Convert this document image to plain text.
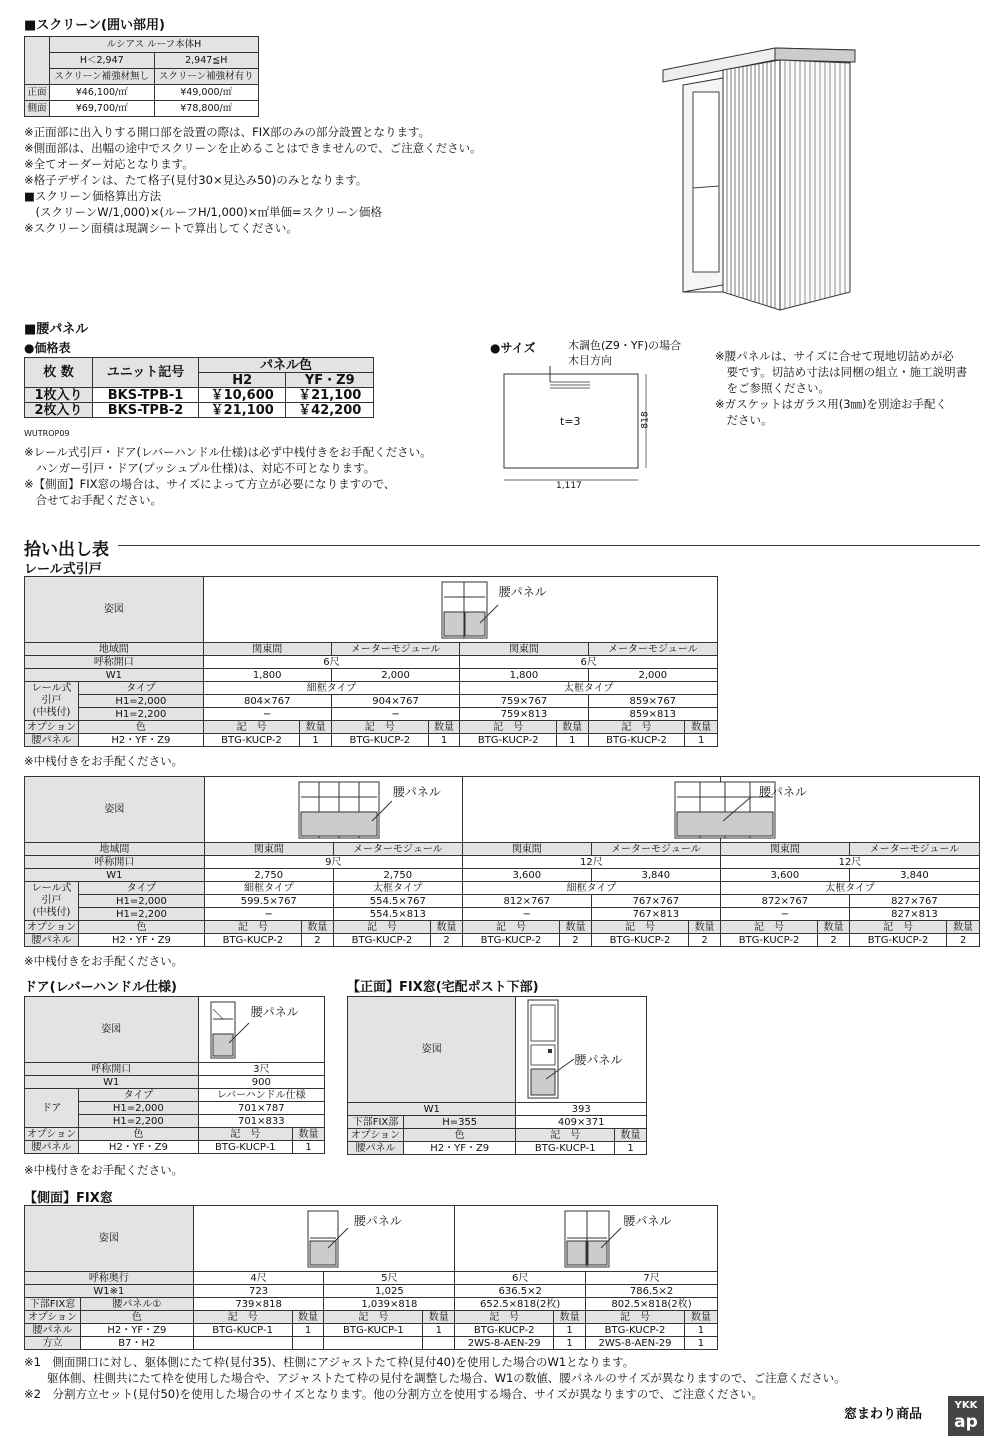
■スクリーン(囲い部用)
	ルシアス ルーフ本体H	
	H＜2,947	2,947≦H
	スクリーン補強材無し	スクリーン補強材有り
正面	¥46,100/㎡	¥49,000/㎡
側面	¥69,700/㎡	¥78,800/㎡
※正面部に出入りする開口部を設置の際は、FIX部のみの部分設置となります。
※側面部は、出幅の途中でスクリーンを止めることはできませんので、ご注意ください。
※全てオーダー対応となります。
※格子デザインは、たて格子(見付30×見込み50)のみとなります。
■スクリーン価格算出方法
　(スクリーンW/1,000)×(ルーフH/1,000)×㎡単価=スクリーン価格
※スクリーン面積は現調シートで算出してください。
■腰パネル
●価格表
枚 数	ユニット記号	パネル色	
		H2	YF・Z9
1枚入り	BKS-TPB-1	￥10,600	￥21,100
2枚入り	BKS-TPB-2	￥21,100	￥42,200
WUTROP09
※レール式引戸・ドア(レバーハンドル仕様)は必ず中桟付きをお手配ください。
　ハンガー引戸・ドア(プッシュプル仕様)は、対応不可となります。
※【側面】FIX窓の場合は、サイズによって方立が必要になりますので、
　合せてお手配ください。
●サイズ	木調色(Z9・YF)の場合
木目方向
t=3
1,117
818
※腰パネルは、サイズに合せて現地切詰めが必
　要です。切詰め寸法は同梱の組立・施工説明書
　をご参照ください。
※ガスケットはガラス用(3㎜)を別途お手配く
　ださい。
拾い出し表
レール式引戸
姿図		腰パネル							

地域間		関東間		メーターモジュール		関東間		メーターモジュール	
呼称開口		6尺				6尺			
W1		1,800		2,000		1,800		2,000	
レール式
引戸
(中桟付)	タイプ	細框タイプ				太框タイプ			
	H1=2,000	804×767		904×767		759×767		859×767	
	H1=2,200	−		−		759×813		859×813	
オプション	色	記　号	数量	記　号	数量	記　号	数量	記　号	数量
腰パネル	H2・YF・Z9	BTG-KUCP-2	1	BTG-KUCP-2	1	BTG-KUCP-2	1	BTG-KUCP-2	1
※中桟付きをお手配ください。
姿図		腰パネル								腰パネル			

地域間		関東間		メーターモジュール		関東間		メーターモジュール		関東間		メーターモジュール	
呼称開口		9尺				12尺				12尺			
W1		2,750		2,750		3,600		3,840		3,600		3,840	
レール式
引戸
(中桟付)	タイプ	細框タイプ		太框タイプ		細框タイプ				太框タイプ			
	H1=2,000	599.5×767		554.5×767		812×767		767×767		872×767		827×767	
	H1=2,200	−		554.5×813		−		767×813		−		827×813	
オプション	色	記　号	数量	記　号	数量	記　号	数量	記　号	数量	記　号	数量	記　号	数量
腰パネル	H2・YF・Z9	BTG-KUCP-2	2	BTG-KUCP-2	2	BTG-KUCP-2	2	BTG-KUCP-2	2	BTG-KUCP-2	2	BTG-KUCP-2	2
※中桟付きをお手配ください。
ドア(レバーハンドル仕様)
姿図		腰パネル	

呼称開口		3尺	
W1		900	
ドア	タイプ	レバーハンドル仕様	
	H1=2,000	701×787	
	H1=2,200	701×833	
オプション	色	記　号	数量
腰パネル	H2・YF・Z9	BTG-KUCP-1	1
※中桟付きをお手配ください。
【正面】FIX窓(宅配ポスト下部)
姿図		腰パネル	

W1		393	
下部FIX部	H=355	409×371	
オプション	色	記　号	数量
腰パネル	H2・YF・Z9	BTG-KUCP-1	1
【側面】FIX窓
姿図		腰パネル				腰パネル			

呼称奥行		4尺		5尺		6尺		7尺	
W1※1		723		1,025		636.5×2		786.5×2	
下部FIX窓	腰パネル①	739×818		1,039×818		652.5×818(2枚)		802.5×818(2枚)	
オプション	色	記　号	数量	記　号	数量	記　号	数量	記　号	数量
腰パネル	H2・YF・Z9	BTG-KUCP-1	1	BTG-KUCP-1	1	BTG-KUCP-2	1	BTG-KUCP-2	1
方立	B7・H2					2WS-8-AEN-29	1	2WS-8-AEN-29	1
※1　側面開口に対し、躯体側にたて枠(見付35)、柱側にアジャストたて枠(見付40)を使用した場合のW1となります。
　　躯体側、柱側共にたて枠を使用した場合や、アジャストたて枠の見付を調整した場合、W1の数値、腰パネルのサイズが異なりますので、ご注意ください。
※2　分割方立セット(見付50)を使用した場合のサイズとなります。他の分割方立を使用する場合、サイズが異なりますので、ご注意ください。
窓まわり商品
YKK
ap
